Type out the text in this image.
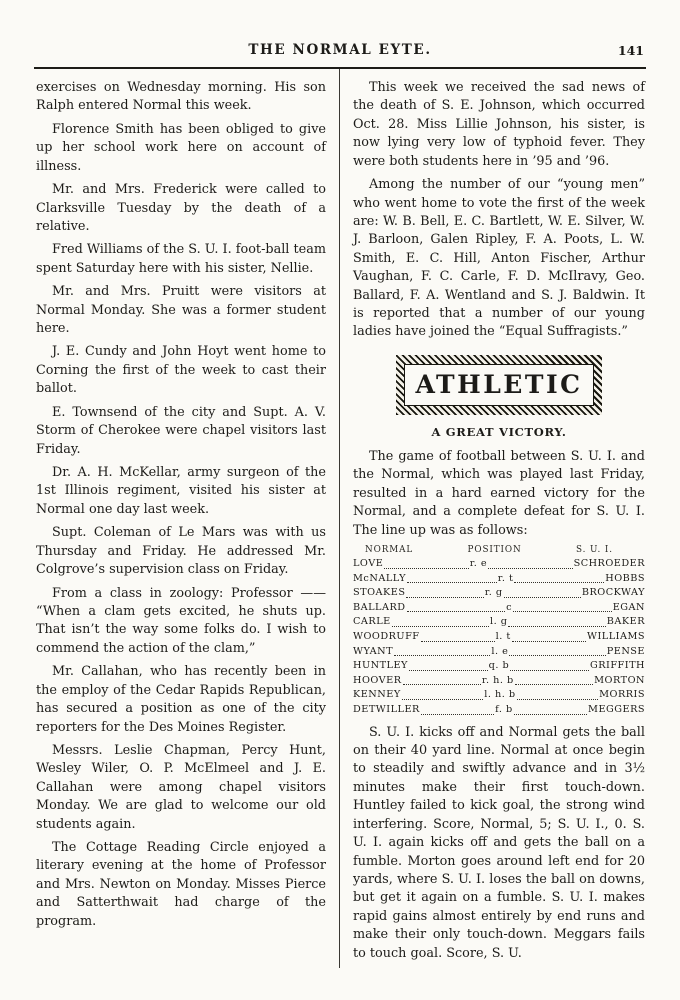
THE NORMAL EYTE.	141

exercises on Wednesday morning. His son Ralph entered Normal this week.

Florence Smith has been obliged to give up her school work here on account of illness.

Mr. and Mrs. Frederick were called to Clarksville Tuesday by the death of a relative.

Fred Williams of the S. U. I. foot-ball team spent Saturday here with his sister, Nellie.

Mr. and Mrs. Pruitt were visitors at Normal Monday. She was a former student here.

J. E. Cundy and John Hoyt went home to Corning the first of the week to cast their ballot.

E. Townsend of the city and Supt. A. V. Storm of Cherokee were chapel visitors last Friday.

Dr. A. H. McKellar, army surgeon of the 1st Illinois regiment, visited his sister at Normal one day last week.

Supt. Coleman of Le Mars was with us Thursday and Friday. He addressed Mr. Colgrove’s supervision class on Friday.

From a class in zoology: Professor —— “When a clam gets excited, he shuts up. That isn’t the way some folks do. I wish to commend the action of the clam,”

Mr. Callahan, who has recently been in the employ of the Cedar Rapids Republican, has secured a position as one of the city reporters for the Des Moines Register.

Messrs. Leslie Chapman, Percy Hunt, Wesley Wiler, O. P. McElmeel and J. E. Callahan were among chapel visitors Monday. We are glad to welcome our old students again.

The Cottage Reading Circle enjoyed a literary evening at the home of Professor and Mrs. Newton on Monday. Misses Pierce and Satterthwait had charge of the program.

This week we received the sad news of the death of S. E. Johnson, which occurred Oct. 28. Miss Lillie Johnson, his sister, is now lying very low of typhoid fever. They were both students here in ’95 and ’96.

Among the number of our “young men” who went home to vote the first of the week are: W. B. Bell, E. C. Bartlett, W. E. Silver, W. J. Barloon, Galen Ripley, F. A. Poots, L. W. Smith, E. C. Hill, Anton Fischer, Arthur Vaughan, F. C. Carle, F. D. McIlravy, Geo. Ballard, F. A. Wentland and S. J. Baldwin. It is reported that a number of our young ladies have joined the “Equal Suffragists.”

ATHLETIC
A GREAT VICTORY.

The game of football between S. U. I. and the Normal, which was played last Friday, resulted in a hard earned victory for the Normal, and a complete defeat for S. U. I. The line up was as follows:

NORMAL	POSITION	S. U. I.
LOVE	r. e	SCHROEDER
McNALLY	r. t	HOBBS
STOAKES	r. g	BROCKWAY
BALLARD	c	EGAN
CARLE	l. g	BAKER
WOODRUFF	l. t	WILLIAMS
WYANT	l. e	PENSE
HUNTLEY	q. b	GRIFFITH
HOOVER	r. h. b	MORTON
KENNEY	l. h. b	MORRIS
DETWILLER	f. b	MEGGERS

S. U. I. kicks off and Normal gets the ball on their 40 yard line. Normal at once begin to steadily and swiftly advance and in 3½ minutes make their first touch-down. Huntley failed to kick goal, the strong wind interfering. Score, Normal, 5; S. U. I., 0. S. U. I. again kicks off and gets the ball on a fumble. Morton goes around left end for 20 yards, where S. U. I. loses the ball on downs, but get it again on a fumble. S. U. I. makes rapid gains almost entirely by end runs and make their only touch-down. Meggars fails to touch goal. Score, S. U.
